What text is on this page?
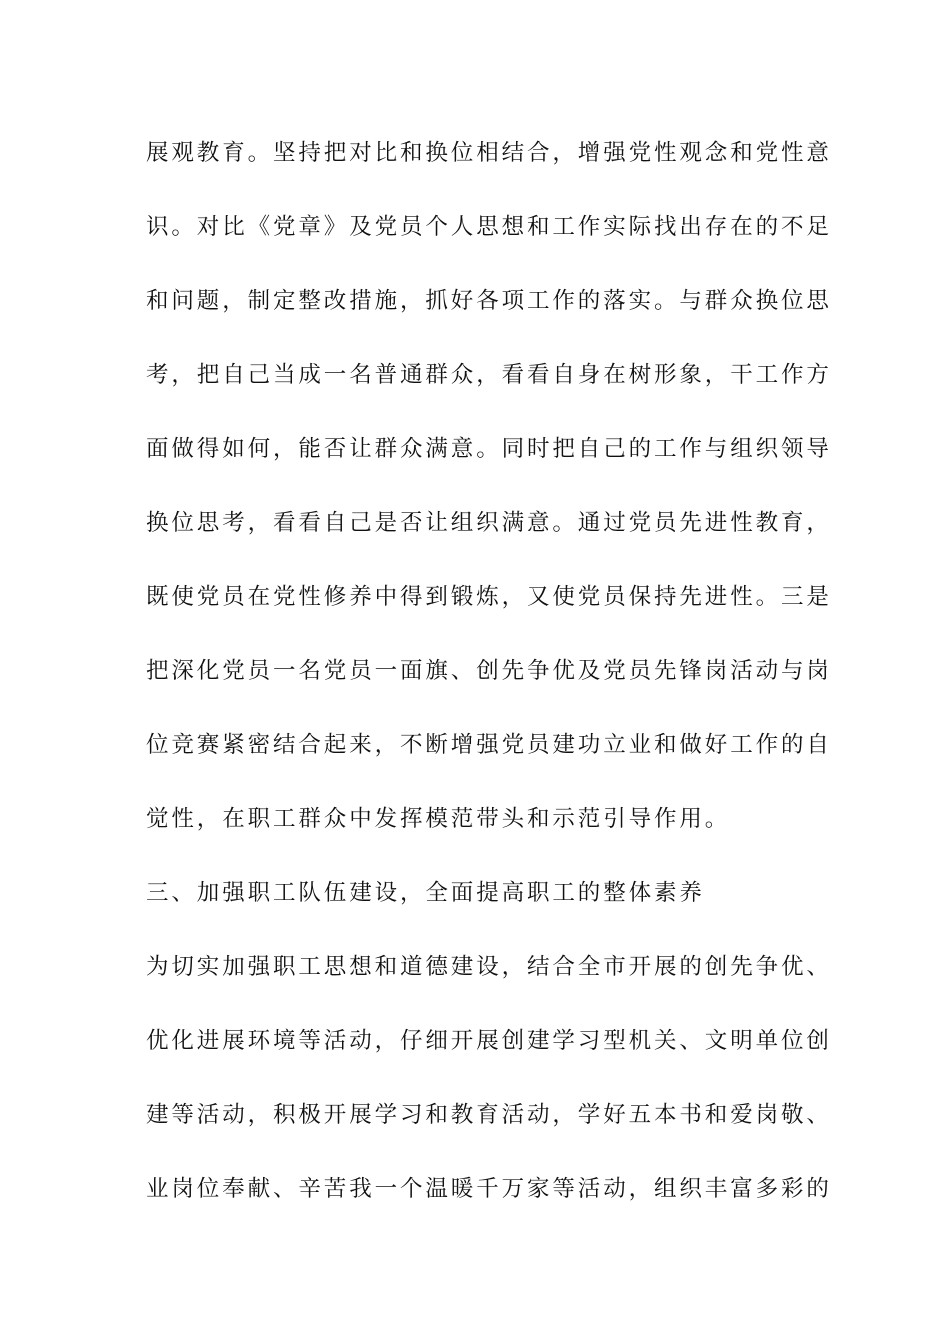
展观教育。坚持把对比和换位相结合，增强党性观念和党性意
识。对比《党章》及党员个人思想和工作实际找出存在的不足
和问题，制定整改措施，抓好各项工作的落实。与群众换位思
考，把自己当成一名普通群众，看看自身在树形象，干工作方
面做得如何，能否让群众满意。同时把自己的工作与组织领导
换位思考，看看自己是否让组织满意。通过党员先进性教育，
既使党员在党性修养中得到锻炼，又使党员保持先进性。三是
把深化党员一名党员一面旗、创先争优及党员先锋岗活动与岗
位竞赛紧密结合起来，不断增强党员建功立业和做好工作的自
觉性，在职工群众中发挥模范带头和示范引导作用。
三、加强职工队伍建设，全面提高职工的整体素养
为切实加强职工思想和道德建设，结合全市开展的创先争优、
优化进展环境等活动，仔细开展创建学习型机关、文明单位创
建等活动，积极开展学习和教育活动，学好五本书和爱岗敬、
业岗位奉献、辛苦我一个温暖千万家等活动，组织丰富多彩的
